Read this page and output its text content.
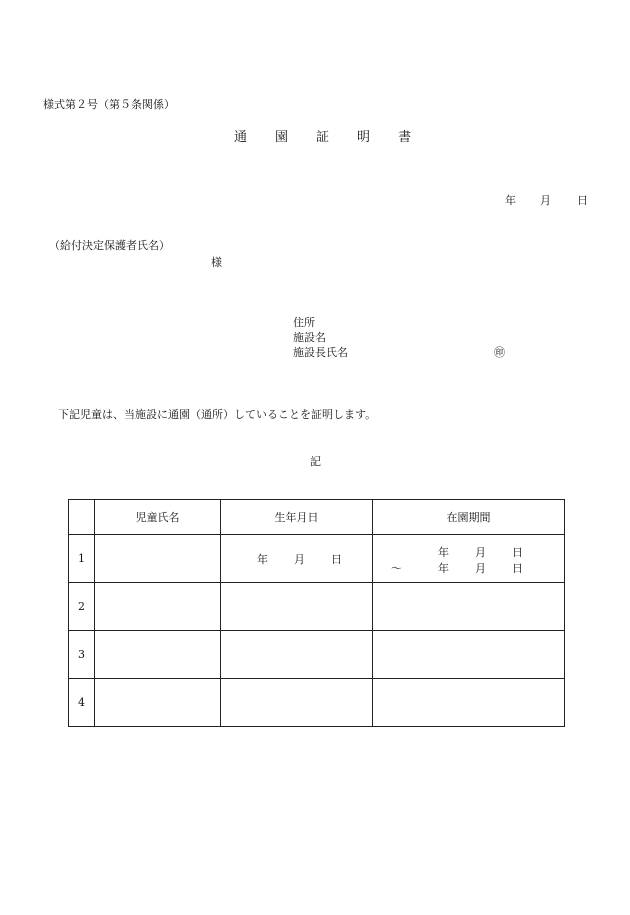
様式第２号（第５条関係）
通 園 証 明 書
年 月 日
（給付決定保護者氏名）
様
住所
施設名
施設長氏名	㊞
下記児童は、当施設に通園（通所）していることを証明します。
記
	児童氏名	生年月日	在園期間
1		年 月 日	年 月 日
～ 年 月 日

2			
3			
4			
